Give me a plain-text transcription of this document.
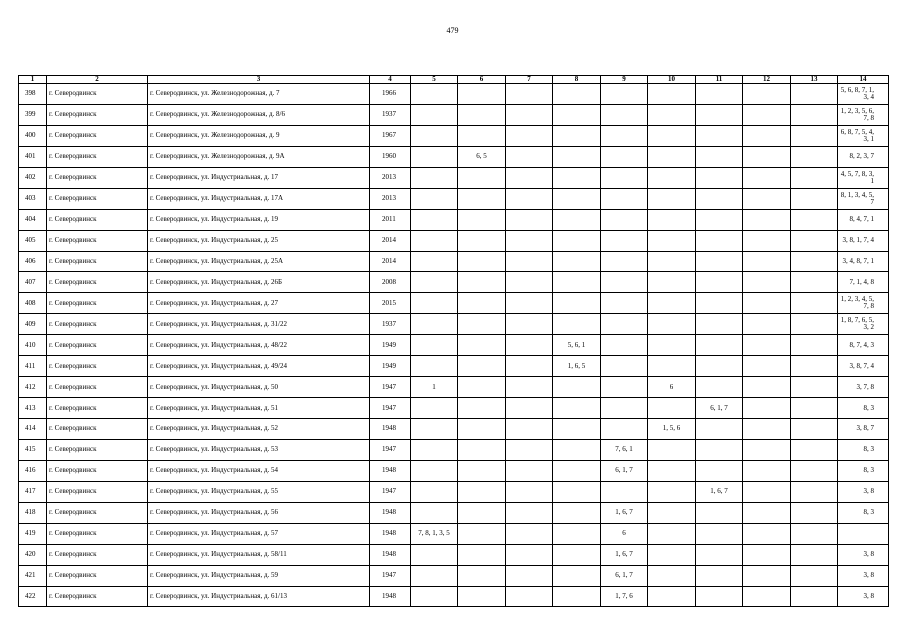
479
1	2	3	4	5	6	7	8	9	10	11	12	13	14
398	г. Северодвинск	г. Северодвинск, ул. Железнодорожная, д. 7	1966										5, 6, 8, 7, 1, 3, 4
399	г. Северодвинск	г. Северодвинск, ул. Железнодорожная, д. 8/6	1937										1, 2, 3, 5, 6, 7, 8
400	г. Северодвинск	г. Северодвинск, ул. Железнодорожная, д. 9	1967										6, 8, 7, 5, 4, 3, 1
401	г. Северодвинск	г. Северодвинск, ул. Железнодорожная, д. 9А	1960		6, 5								8, 2, 3, 7
402	г. Северодвинск	г. Северодвинск, ул. Индустриальная, д. 17	2013										4, 5, 7, 8, 3, 1
403	г. Северодвинск	г. Северодвинск, ул. Индустриальная, д. 17А	2013										8, 1, 3, 4, 5, 7
404	г. Северодвинск	г. Северодвинск, ул. Индустриальная, д. 19	2011										8, 4, 7, 1
405	г. Северодвинск	г. Северодвинск, ул. Индустриальная, д. 25	2014										3, 8, 1, 7, 4
406	г. Северодвинск	г. Северодвинск, ул. Индустриальная, д. 25А	2014										3, 4, 8, 7, 1
407	г. Северодвинск	г. Северодвинск, ул. Индустриальная, д. 26Б	2008										7, 1, 4, 8
408	г. Северодвинск	г. Северодвинск, ул. Индустриальная, д. 27	2015										1, 2, 3, 4, 5, 7, 8
409	г. Северодвинск	г. Северодвинск, ул. Индустриальная, д. 31/22	1937										1, 8, 7, 6, 5, 3, 2
410	г. Северодвинск	г. Северодвинск, ул. Индустриальная, д. 48/22	1949				5, 6, 1						8, 7, 4, 3
411	г. Северодвинск	г. Северодвинск, ул. Индустриальная, д. 49/24	1949				1, 6, 5						3, 8, 7, 4
412	г. Северодвинск	г. Северодвинск, ул. Индустриальная, д. 50	1947	1					6				3, 7, 8
413	г. Северодвинск	г. Северодвинск, ул. Индустриальная, д. 51	1947							6, 1, 7			8, 3
414	г. Северодвинск	г. Северодвинск, ул. Индустриальная, д. 52	1948						1, 5, 6				3, 8, 7
415	г. Северодвинск	г. Северодвинск, ул. Индустриальная, д. 53	1947					7, 6, 1					8, 3
416	г. Северодвинск	г. Северодвинск, ул. Индустриальная, д. 54	1948					6, 1, 7					8, 3
417	г. Северодвинск	г. Северодвинск, ул. Индустриальная, д. 55	1947							1, 6, 7			3, 8
418	г. Северодвинск	г. Северодвинск, ул. Индустриальная, д. 56	1948					1, 6, 7					8, 3
419	г. Северодвинск	г. Северодвинск, ул. Индустриальная, д. 57	1948	7, 8, 1, 3, 5				6					
420	г. Северодвинск	г. Северодвинск, ул. Индустриальная, д. 58/11	1948					1, 6, 7					3, 8
421	г. Северодвинск	г. Северодвинск, ул. Индустриальная, д. 59	1947					6, 1, 7					3, 8
422	г. Северодвинск	г. Северодвинск, ул. Индустриальная, д. 61/13	1948					1, 7, 6					3, 8
